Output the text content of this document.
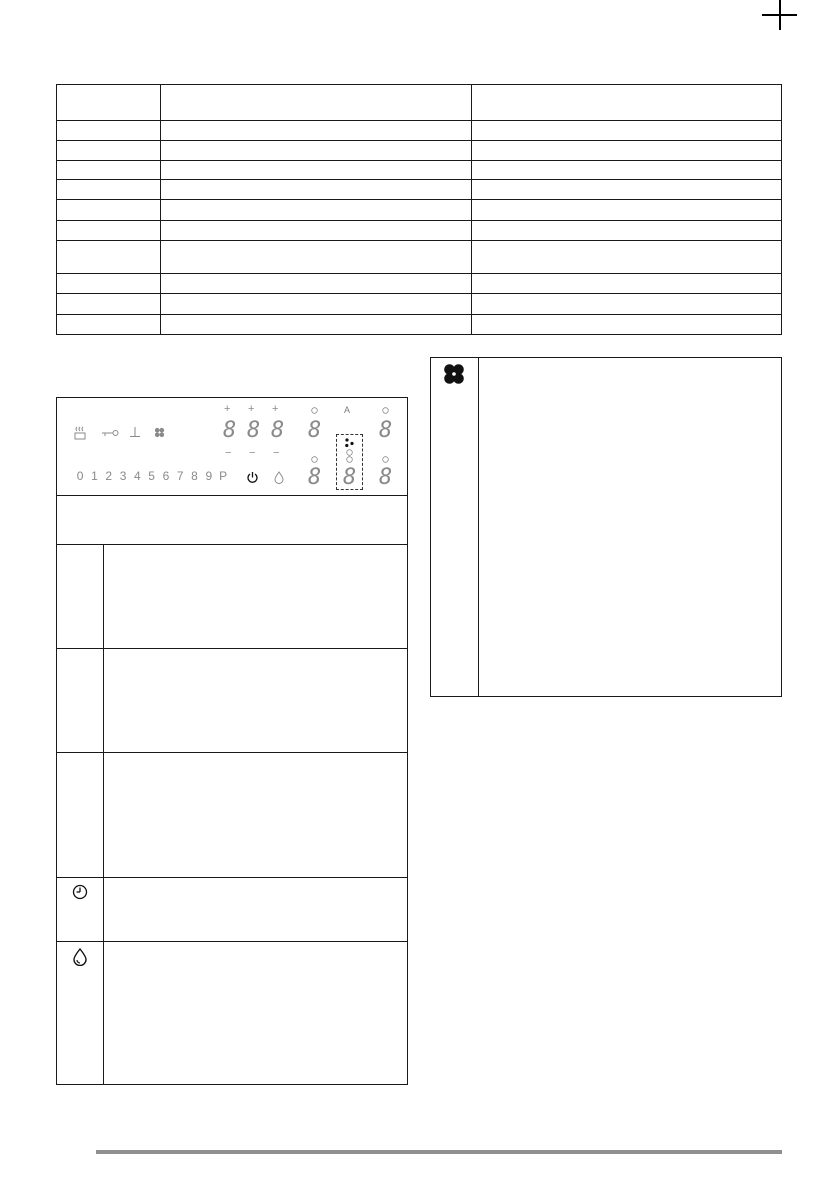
+ + +
8 8 8 8	8
− − −
A
0 1 2 3 4 5 6 7 8 9 P	8 8 8
